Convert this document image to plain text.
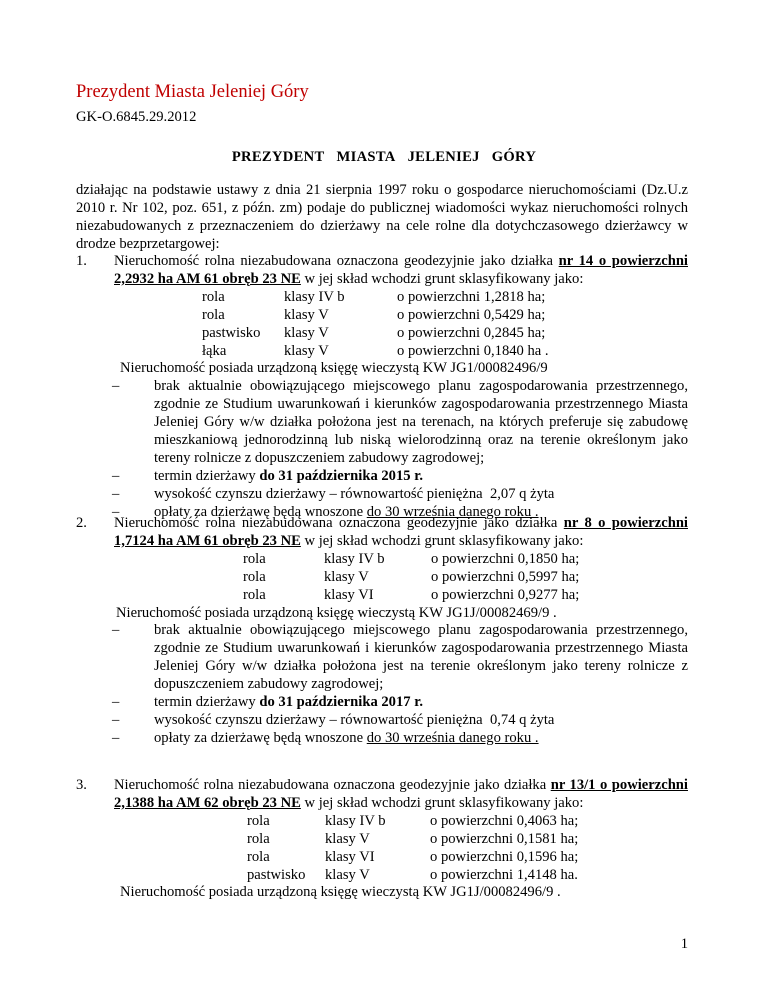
Prezydent Miasta Jeleniej Góry
GK-O.6845.29.2012
PREZYDENT MIASTA JELENIEJ GÓRY
działając na podstawie ustawy z dnia 21 sierpnia 1997 roku o gospodarce nieruchomościami (Dz.U.z 2010 r. Nr 102, poz. 651, z późn. zm) podaje do publicznej wiadomości wykaz nieruchomości rolnych niezabudowanych z przeznaczeniem do dzierżawy na cele rolne dla dotychczasowego dzierżawcy w drodze bezprzetargowej:
1. Nieruchomość rolna niezabudowana oznaczona geodezyjnie jako działka nr 14 o powierzchni 2,2932 ha AM 61 obręb 23 NE w jej skład wchodzi grunt sklasyfikowany jako:
rola	klasy IV b	o powierzchni 1,2818 ha;
rola	klasy V	o powierzchni 0,5429 ha;
pastwisko	klasy V	o powierzchni 0,2845 ha;
łąka	klasy V	o powierzchni 0,1840 ha .
Nieruchomość posiada urządzoną księgę wieczystą KW JG1/00082496/9
– brak aktualnie obowiązującego miejscowego planu zagospodarowania przestrzennego, zgodnie ze Studium uwarunkowań i kierunków zagospodarowania przestrzennego Miasta Jeleniej Góry w/w działka położona jest na terenach, na których preferuje się zabudowę mieszkaniową jednorodzinną lub niską wielorodzinną oraz na terenie określonym jako tereny rolnicze z dopuszczeniem zabudowy zagrodowej;
– termin dzierżawy do 31 października 2015 r.
– wysokość czynszu dzierżawy – równowartość pieniężna 2,07 q żyta
– opłaty za dzierżawę będą wnoszone do 30 września danego roku .
2. Nieruchomość rolna niezabudowana oznaczona geodezyjnie jako działka nr 8 o powierzchni 1,7124 ha AM 61 obręb 23 NE w jej skład wchodzi grunt sklasyfikowany jako:
rola	klasy IV b	o powierzchni 0,1850 ha;
rola	klasy V	o powierzchni 0,5997 ha;
rola	klasy VI	o powierzchni 0,9277 ha;
Nieruchomość posiada urządzoną księgę wieczystą KW JG1J/00082469/9 .
– brak aktualnie obowiązującego miejscowego planu zagospodarowania przestrzennego, zgodnie ze Studium uwarunkowań i kierunków zagospodarowania przestrzennego Miasta Jeleniej Góry w/w działka położona jest na terenie określonym jako tereny rolnicze z dopuszczeniem zabudowy zagrodowej;
– termin dzierżawy do 31 października 2017 r.
– wysokość czynszu dzierżawy – równowartość pieniężna 0,74 q żyta
– opłaty za dzierżawę będą wnoszone do 30 września danego roku .
3. Nieruchomość rolna niezabudowana oznaczona geodezyjnie jako działka nr 13/1 o powierzchni 2,1388 ha AM 62 obręb 23 NE w jej skład wchodzi grunt sklasyfikowany jako:
rola	klasy IV b	o powierzchni 0,4063 ha;
rola	klasy V	o powierzchni 0,1581 ha;
rola	klasy VI	o powierzchni 0,1596 ha;
pastwisko	klasy V	o powierzchni 1,4148 ha.
Nieruchomość posiada urządzoną księgę wieczystą KW JG1J/00082496/9 .
1
